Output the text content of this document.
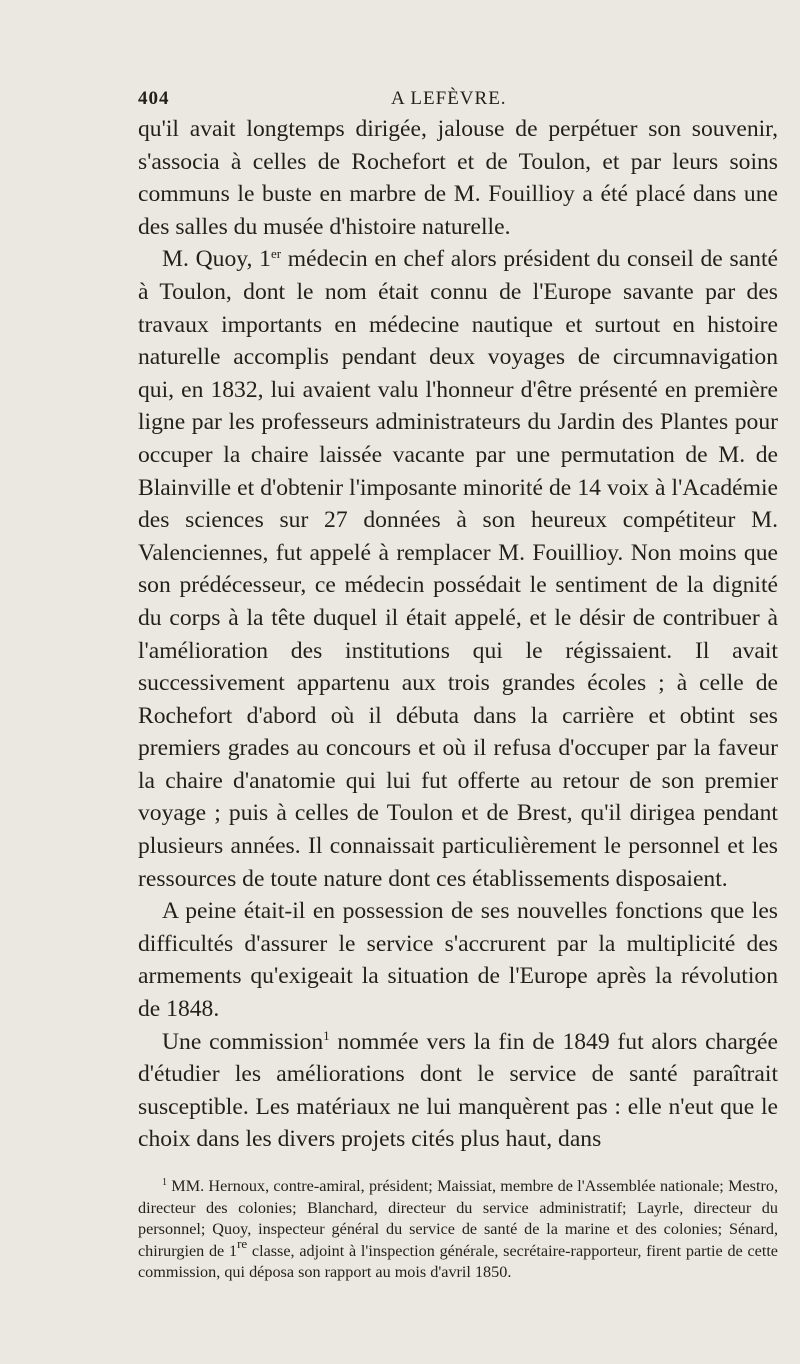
404	A LEFÈVRE.

qu'il avait longtemps dirigée, jalouse de perpétuer son souvenir, s'associa à celles de Rochefort et de Toulon, et par leurs soins communs le buste en marbre de M. Fouillioy a été placé dans une des salles du musée d'histoire naturelle.

M. Quoy, 1er médecin en chef alors président du conseil de santé à Toulon, dont le nom était connu de l'Europe savante par des travaux importants en médecine nautique et surtout en histoire naturelle accomplis pendant deux voyages de circumnavigation qui, en 1832, lui avaient valu l'honneur d'être présenté en première ligne par les professeurs administrateurs du Jardin des Plantes pour occuper la chaire laissée vacante par une permutation de M. de Blainville et d'obtenir l'imposante minorité de 14 voix à l'Académie des sciences sur 27 données à son heureux compétiteur M. Valenciennes, fut appelé à remplacer M. Fouillioy. Non moins que son prédécesseur, ce médecin possédait le sentiment de la dignité du corps à la tête duquel il était appelé, et le désir de contribuer à l'amélioration des institutions qui le régissaient. Il avait successivement appartenu aux trois grandes écoles ; à celle de Rochefort d'abord où il débuta dans la carrière et obtint ses premiers grades au concours et où il refusa d'occuper par la faveur la chaire d'anatomie qui lui fut offerte au retour de son premier voyage ; puis à celles de Toulon et de Brest, qu'il dirigea pendant plusieurs années. Il connaissait particulièrement le personnel et les ressources de toute nature dont ces établissements disposaient.

A peine était-il en possession de ses nouvelles fonctions que les difficultés d'assurer le service s'accrurent par la multiplicité des armements qu'exigeait la situation de l'Europe après la révolution de 1848.

Une commission$^1$ nommée vers la fin de 1849 fut alors chargée d'étudier les améliorations dont le service de santé paraîtrait susceptible. Les matériaux ne lui manquèrent pas : elle n'eut que le choix dans les divers projets cités plus haut, dans

$^1$ MM. Hernoux, contre-amiral, président; Maissiat, membre de l'Assemblée nationale; Mestro, directeur des colonies; Blanchard, directeur du service administratif; Layrle, directeur du personnel; Quoy, inspecteur général du service de santé de la marine et des colonies; Sénard, chirurgien de 1re classe, adjoint à l'inspection générale, secrétaire-rapporteur, firent partie de cette commission, qui déposa son rapport au mois d'avril 1850.
